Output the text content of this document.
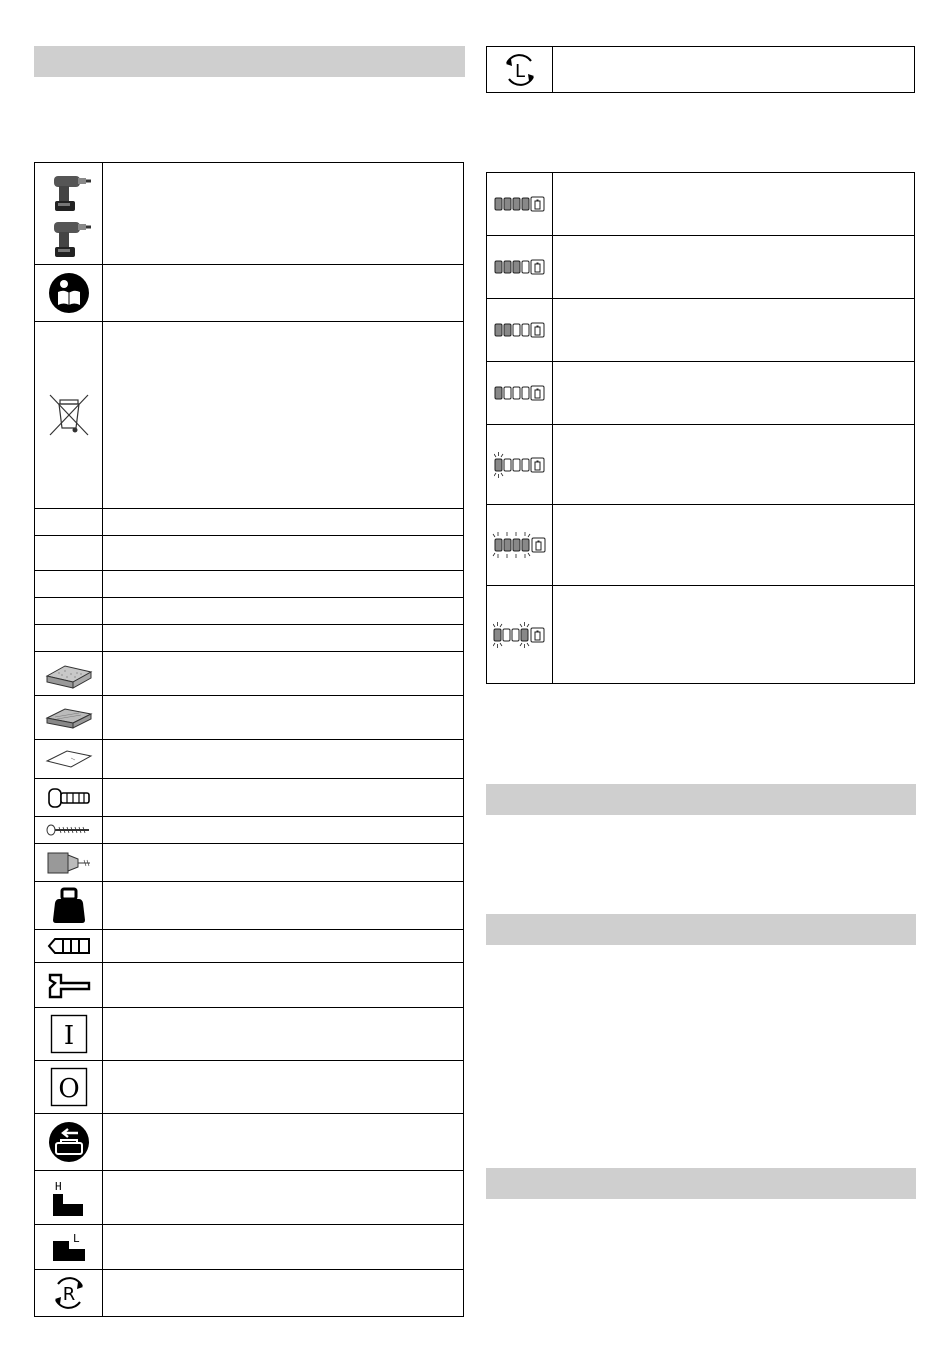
I	

O	

H	

L	

R	

L
